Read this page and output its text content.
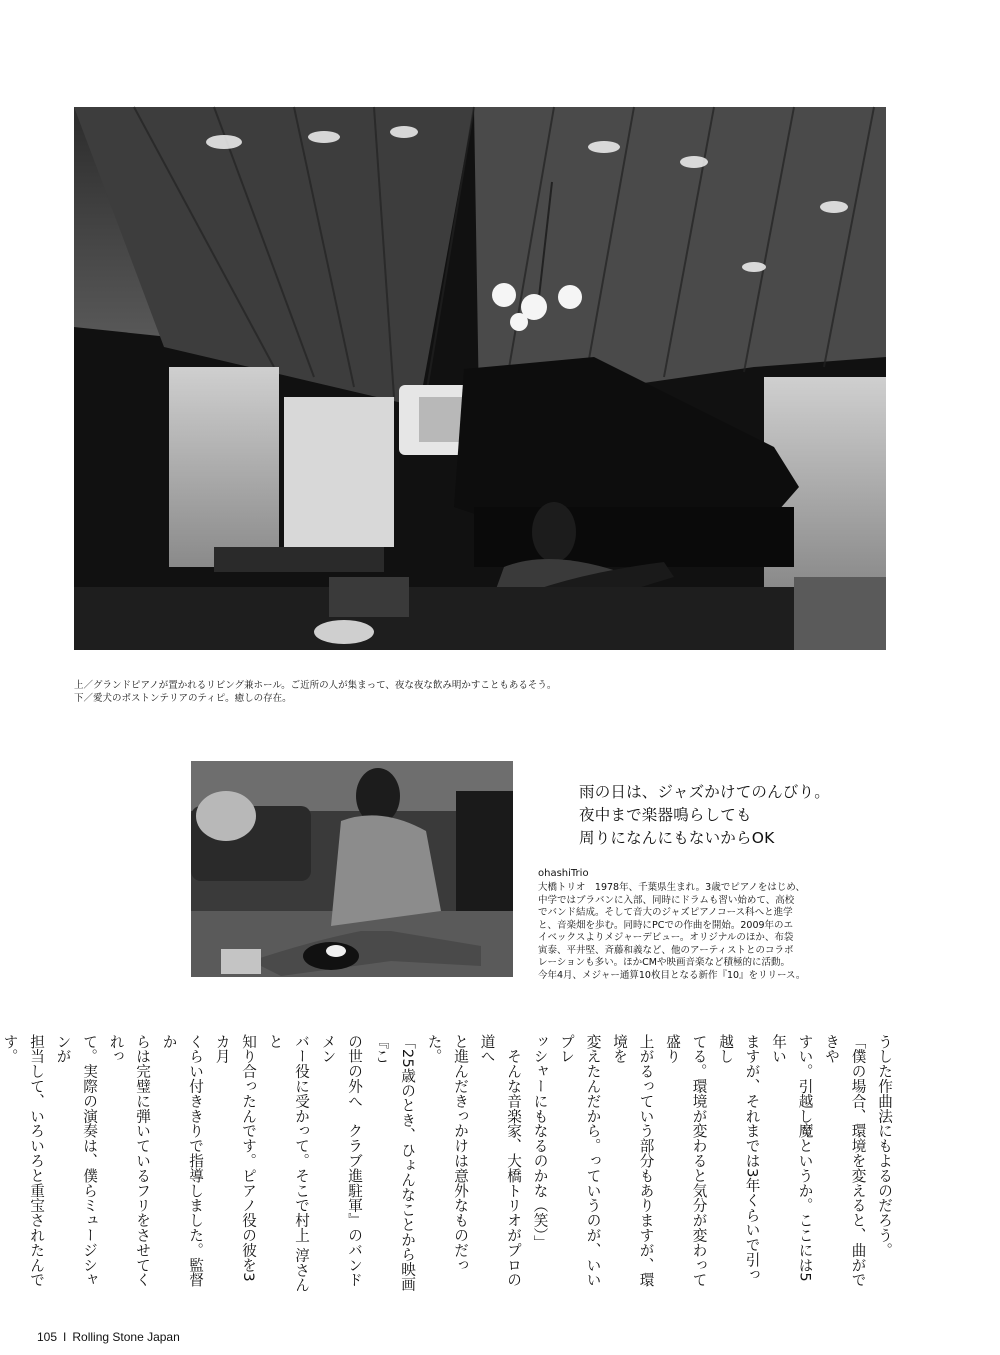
上／グランドピアノが置かれるリビング兼ホール。ご近所の人が集まって、夜な夜な飲み明かすこともあるそう。
下／愛犬のボストンテリアのティピ。癒しの存在。
雨の日は、ジャズかけてのんびり。
夜中まで楽器鳴らしても
周りになんにもないからOK
ohashiTrio
大橋トリオ　1978年、千葉県生まれ。3歳でピアノをはじめ、
中学ではブラバンに入部、同時にドラムも習い始めて、高校
でバンド結成。そして音大のジャズピアノコース科へと進学
と、音楽畑を歩む。同時にPCでの作曲を開始。2009年のエ
イベックスよりメジャーデビュー。オリジナルのほか、布袋
寅泰、平井堅、斉藤和義など、他のアーティストとのコラボ
レーションも多い。ほかCMや映画音楽など積極的に活動。
今年4月、メジャー通算10枚目となる新作『10』をリリース。

うした作曲法にもよるのだろう。

「僕の場合、環境を変えると、曲ができや

すい。引越し魔というか。ここには5年い

ますが、それまでは3年くらいで引っ越し

てる。環境が変わると気分が変わって盛り

上がるっていう部分もありますが、環境を

変えたんだから。っていうのが、いいプレ

ッシャーにもなるのかな（笑）」

　そんな音楽家、大橋トリオがプロの道へ

と進んだきっかけは意外なものだった。

「25歳のとき、ひょんなことから映画『こ

の世の外へ　クラブ進駐軍』のバンドメン

バー役に受かって。そこで村上 淳さんと

知り合ったんです。ピアノ役の彼を3カ月

くらい付ききりで指導しました。監督か

らは完璧に弾いているフリをさせてくれっ

て。実際の演奏は、僕らミュージシャンが

担当して、いろいろと重宝されたんです。

105 I Rolling Stone Japan
